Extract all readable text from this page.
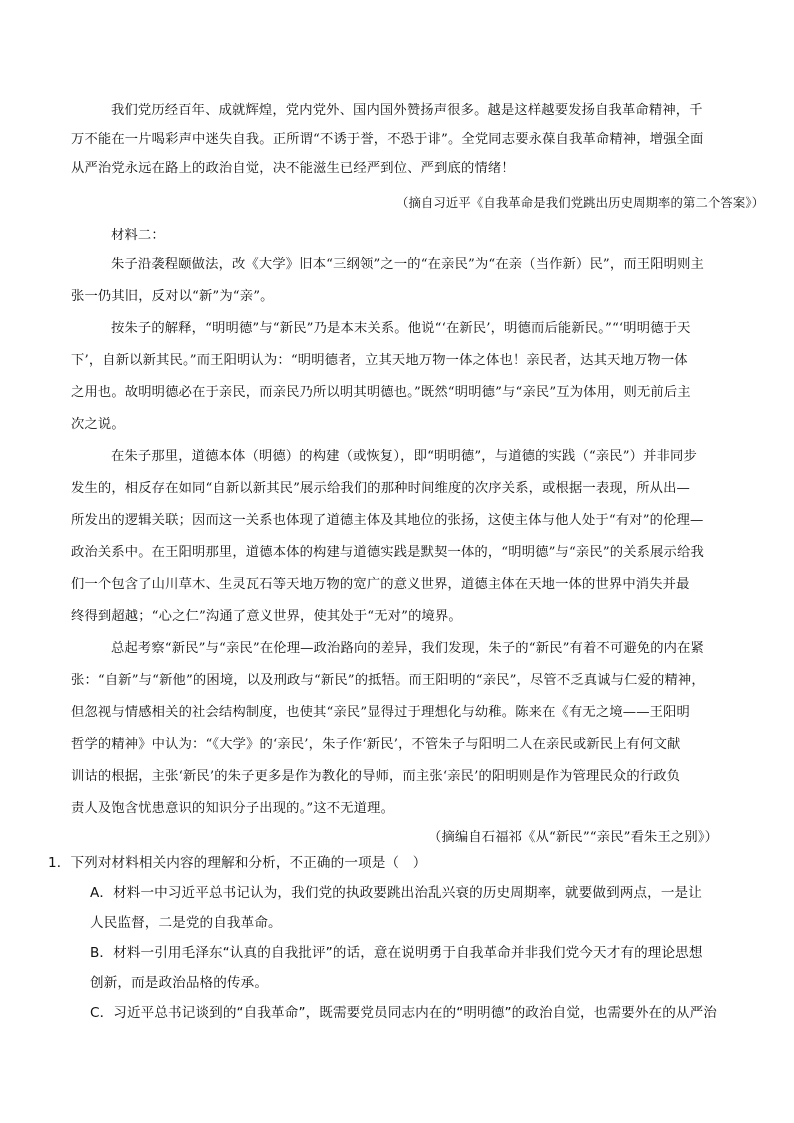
我们党历经百年、成就辉煌，党内党外、国内国外赞扬声很多。越是这样越要发扬自我革命精神，千
万不能在一片喝彩声中迷失自我。正所谓“不诱于誉，不恐于诽”。全党同志要永葆自我革命精神，增强全面
从严治党永远在路上的政治自觉，决不能滋生已经严到位、严到底的情绪！
（摘自习近平《自我革命是我们党跳出历史周期率的第二个答案》）
材料二：
朱子沿袭程颐做法，改《大学》旧本“三纲领”之一的“在亲民”为“在亲（当作新）民”，而王阳明则主
张一仍其旧，反对以“新”为“亲”。
按朱子的解释，“明明德”与“新民”乃是本末关系。他说“‘在新民’，明德而后能新民。”“‘明明德于天
下’，自新以新其民。”而王阳明认为：“明明德者，立其天地万物一体之体也！亲民者，达其天地万物一体
之用也。故明明德必在于亲民，而亲民乃所以明其明德也。”既然“明明德”与“亲民”互为体用，则无前后主
次之说。
在朱子那里，道德本体（明德）的构建（或恢复），即“明明德”，与道德的实践（“亲民”）并非同步
发生的，相反存在如同“自新以新其民”展示给我们的那种时间维度的次序关系，或根据一表现，所从出—
所发出的逻辑关联；因而这一关系也体现了道德主体及其地位的张扬，这使主体与他人处于“有对”的伦理—
政治关系中。在王阳明那里，道德本体的构建与道德实践是默契一体的，“明明德”与“亲民”的关系展示给我
们一个包含了山川草木、生灵瓦石等天地万物的宽广的意义世界，道德主体在天地一体的世界中消失并最
终得到超越；“心之仁”沟通了意义世界，使其处于“无对”的境界。
总起考察“新民”与“亲民”在伦理—政治路向的差异，我们发现，朱子的“新民”有着不可避免的内在紧
张：“自新”与“新他”的困境，以及刑政与“新民”的抵牾。而王阳明的“亲民”，尽管不乏真诚与仁爱的精神，
但忽视与情感相关的社会结构制度，也使其“亲民”显得过于理想化与幼稚。陈来在《有无之境——王阳明
哲学的精神》中认为：“《大学》的‘亲民’，朱子作‘新民’，不管朱子与阳明二人在亲民或新民上有何文献
训诂的根据，主张‘新民’的朱子更多是作为教化的导师，而主张‘亲民’的阳明则是作为管理民众的行政负
责人及饱含忧患意识的知识分子出现的。”这不无道理。
（摘编自石福祁《从“新民”“亲民”看朱王之别》）
1．下列对材料相关内容的理解和分析，不正确的一项是（　）
A．材料一中习近平总书记认为，我们党的执政要跳出治乱兴衰的历史周期率，就要做到两点，一是让
人民监督，二是党的自我革命。
B．材料一引用毛泽东“认真的自我批评”的话，意在说明勇于自我革命并非我们党今天才有的理论思想
创新，而是政治品格的传承。
C．习近平总书记谈到的“自我革命”，既需要党员同志内在的“明明德”的政治自觉，也需要外在的从严治
